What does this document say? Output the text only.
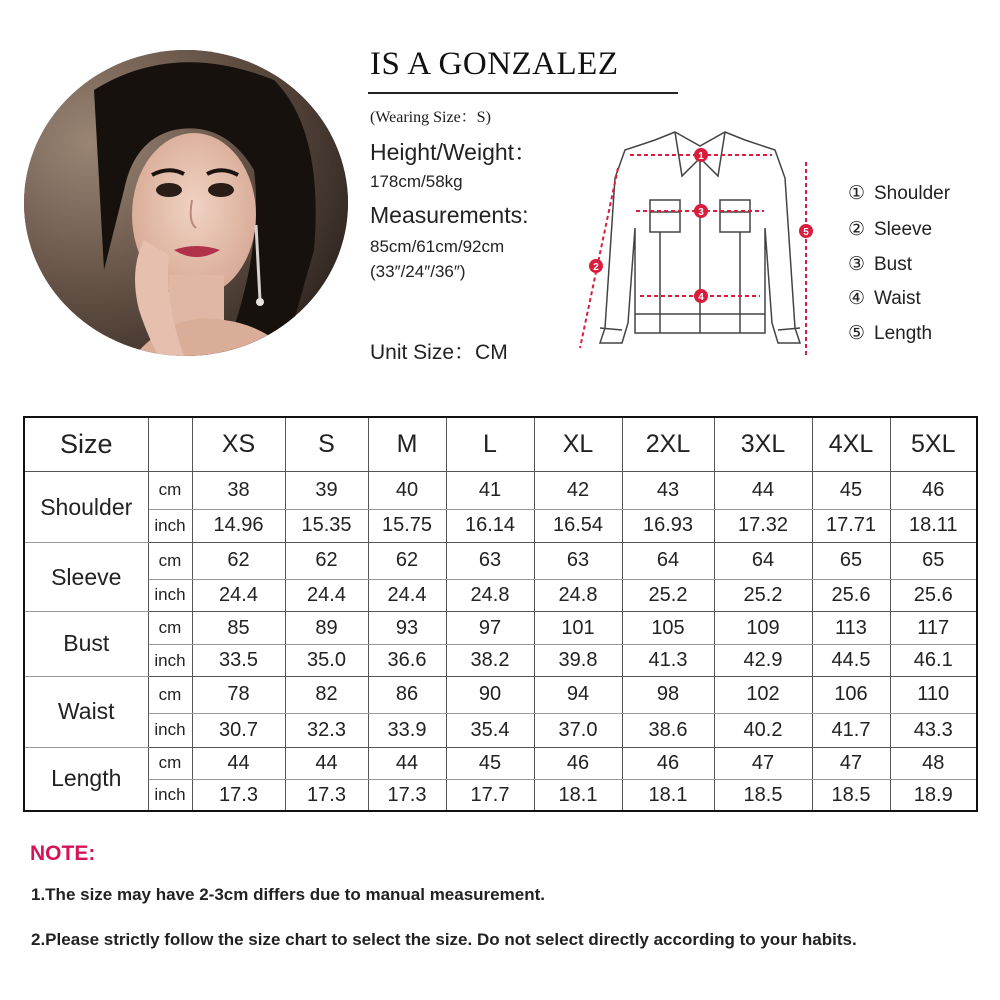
IS A GONZALEZ
(Wearing Size：S)
Height/Weight：
178cm/58kg
Measurements:
85cm/61cm/92cm
(33″/24″/36″)
Unit Size：CM
1
3
4
2
5
① Shoulder
② Sleeve
③ Bust
④ Waist
⑤ Length
Size		XS	S	M	L	XL	2XL	3XL	4XL	5XL
Shoulder	cm	38	39	40	41	42	43	44	45	46
	inch	14.96	15.35	15.75	16.14	16.54	16.93	17.32	17.71	18.11
Sleeve	cm	62	62	62	63	63	64	64	65	65
	inch	24.4	24.4	24.4	24.8	24.8	25.2	25.2	25.6	25.6
Bust	cm	85	89	93	97	101	105	109	113	117
	inch	33.5	35.0	36.6	38.2	39.8	41.3	42.9	44.5	46.1
Waist	cm	78	82	86	90	94	98	102	106	110
	inch	30.7	32.3	33.9	35.4	37.0	38.6	40.2	41.7	43.3
Length	cm	44	44	44	45	46	46	47	47	48
	inch	17.3	17.3	17.3	17.7	18.1	18.1	18.5	18.5	18.9
NOTE:
1.The size may have 2-3cm differs due to manual measurement.
2.Please strictly follow the size chart to select the size. Do not select directly according to your habits.
